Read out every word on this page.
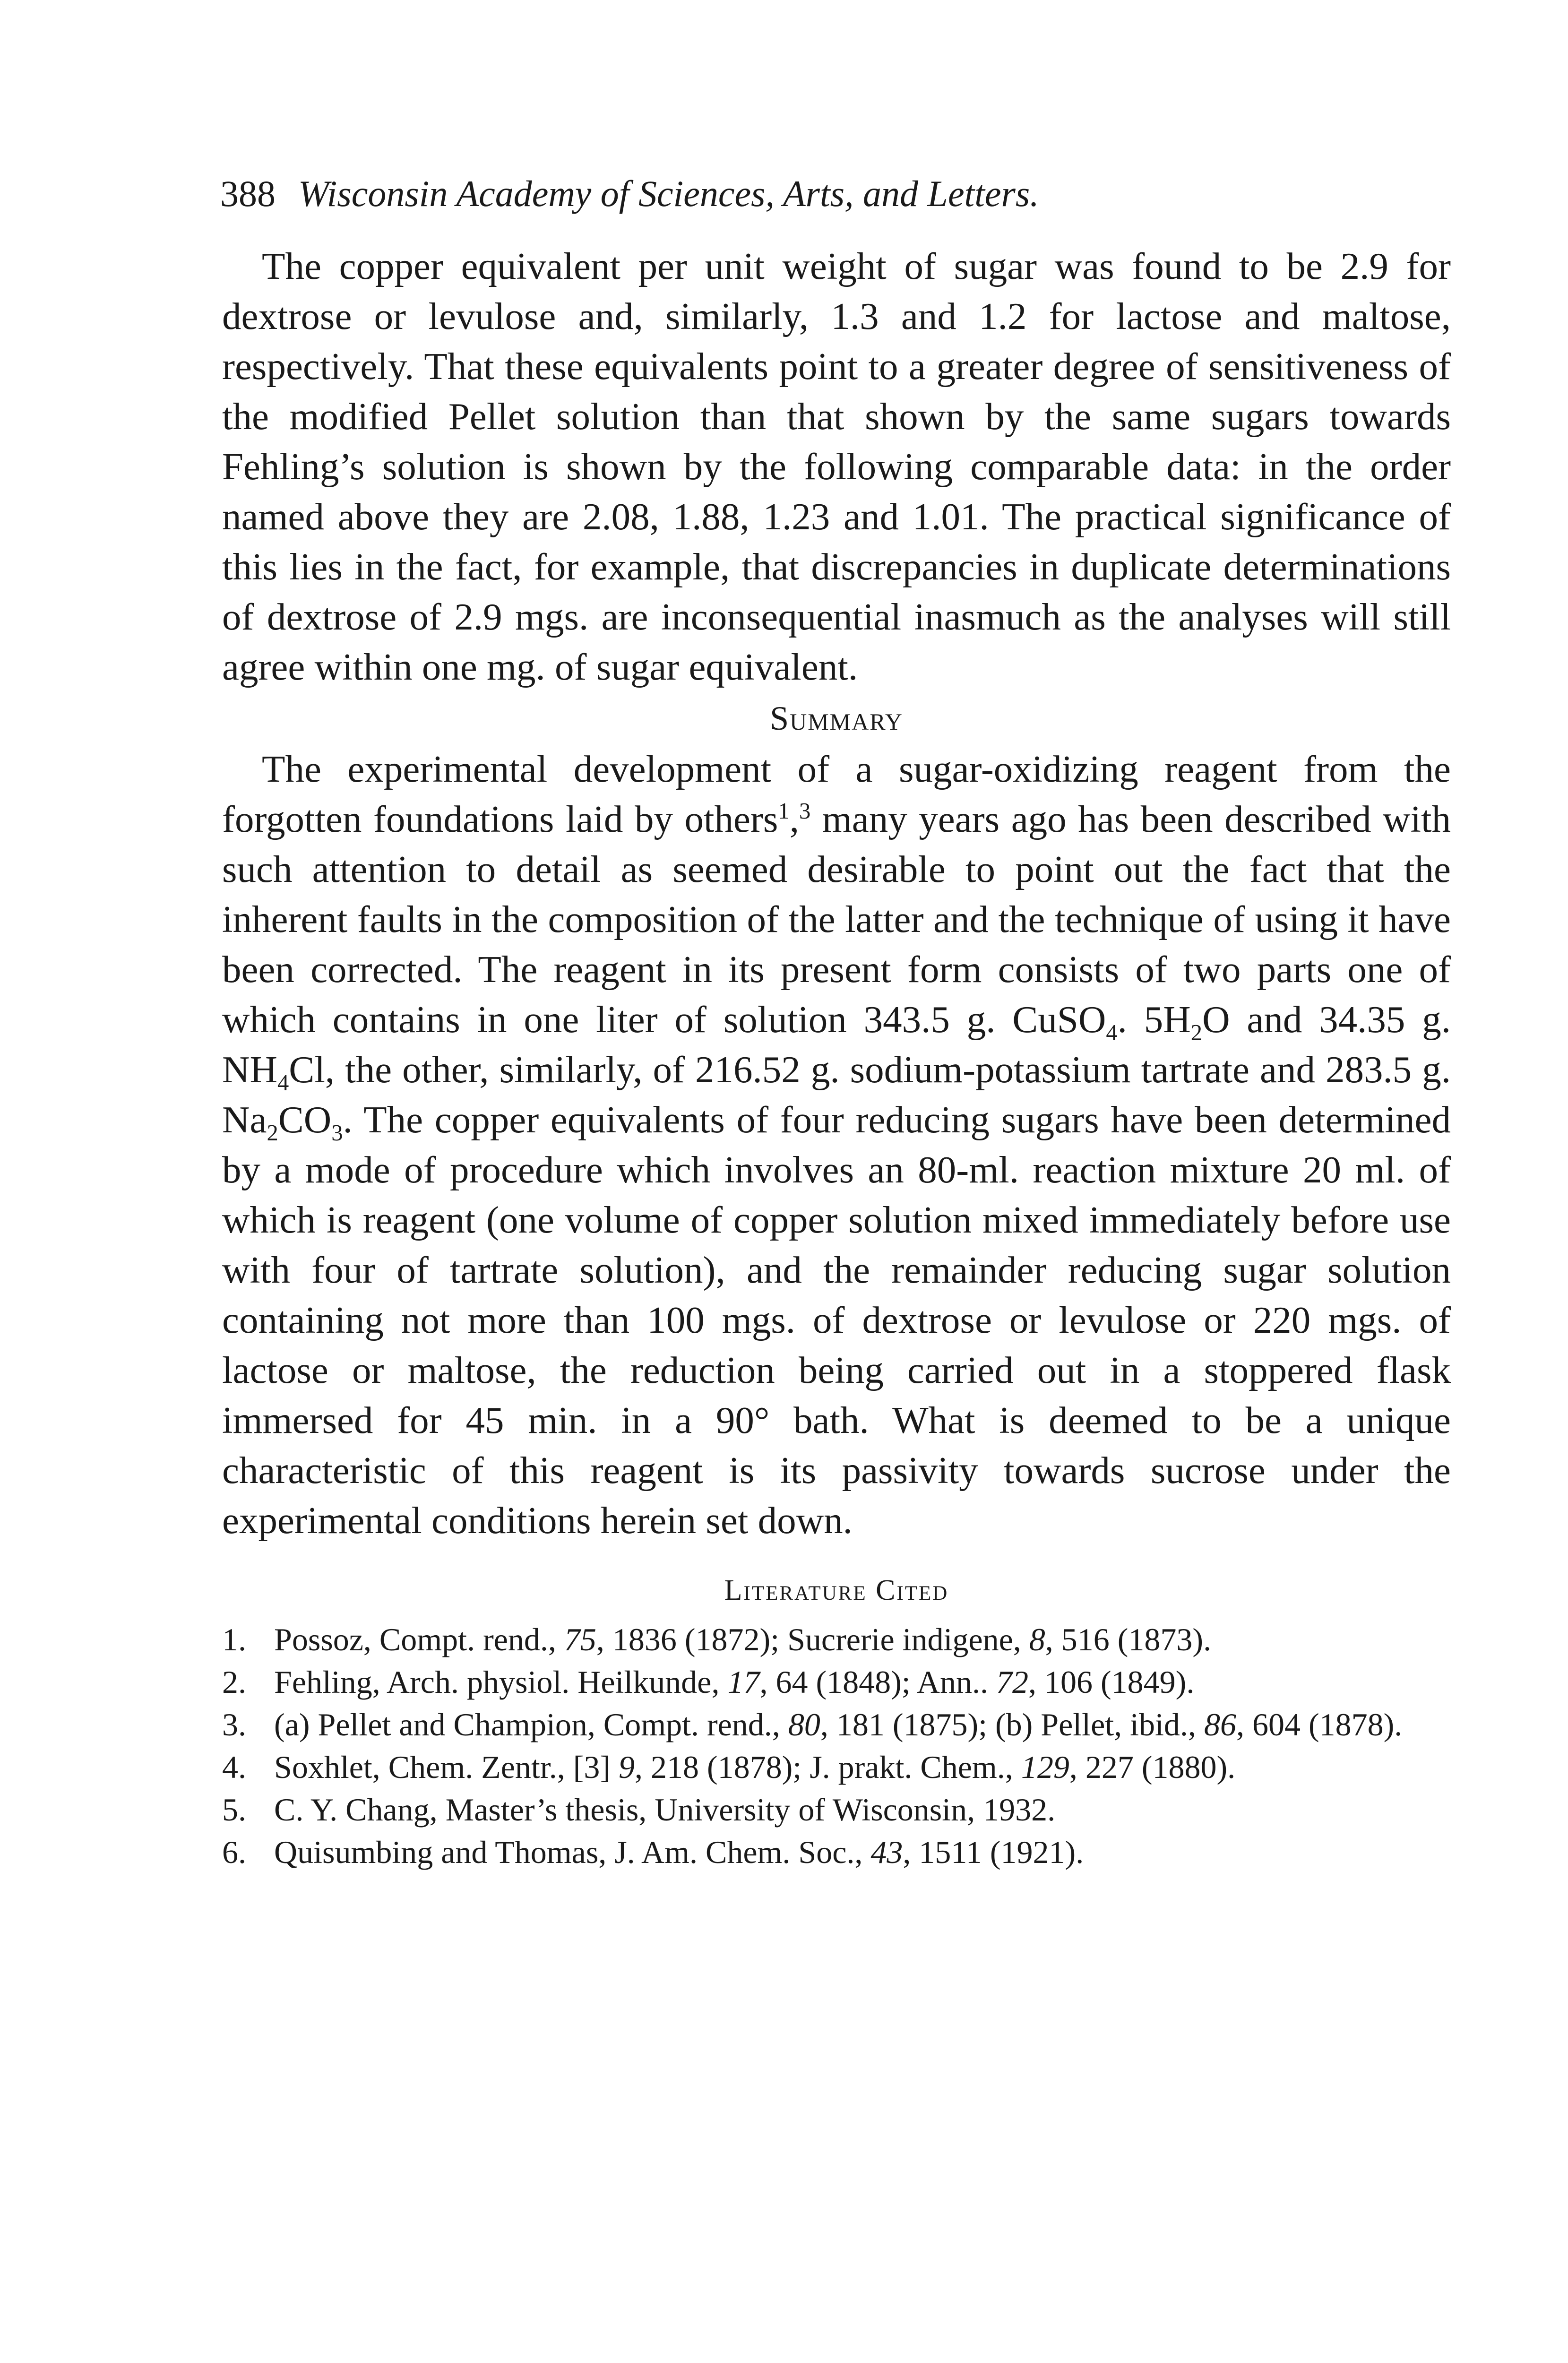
388 Wisconsin Academy of Sciences, Arts, and Letters.

The copper equivalent per unit weight of sugar was found to be 2.9 for dextrose or levulose and, similarly, 1.3 and 1.2 for lactose and maltose, respectively. That these equivalents point to a greater degree of sensitiveness of the modified Pellet solution than that shown by the same sugars towards Fehling’s solution is shown by the following comparable data: in the order named above they are 2.08, 1.88, 1.23 and 1.01. The practical significance of this lies in the fact, for example, that discrepancies in duplicate determinations of dextrose of 2.9 mgs. are inconsequential inasmuch as the analyses will still agree within one mg. of sugar equivalent.

Summary

The experimental development of a sugar-oxidizing reagent from the forgotten foundations laid by others$^1$,$^3$ many years ago has been described with such attention to detail as seemed desirable to point out the fact that the inherent faults in the composition of the latter and the technique of using it have been corrected. The reagent in its present form consists of two parts one of which contains in one liter of solution 343.5 g. CuSO$_4$. $5H_2O$ and 34.35 g. $NH_4Cl$, the other, similarly, of 216.52 g. sodium-potassium tartrate and 283.5 g. $Na_2CO_3$. The copper equivalents of four reducing sugars have been determined by a mode of procedure which involves an 80-ml. reaction mixture 20 ml. of which is reagent (one volume of copper solution mixed immediately before use with four of tartrate solution), and the remainder reducing sugar solution containing not more than 100 mgs. of dextrose or levulose or 220 mgs. of lactose or maltose, the reduction being carried out in a stoppered flask immersed for 45 min. in a 90° bath. What is deemed to be a unique characteristic of this reagent is its passivity towards sucrose under the experimental conditions herein set down.

Literature Cited
1. Possoz, Compt. rend., 75, 1836 (1872); Sucrerie indigene, 8, 516 (1873).
2. Fehling, Arch. physiol. Heilkunde, 17, 64 (1848); Ann.. 72, 106 (1849).
3. (a) Pellet and Champion, Compt. rend., 80, 181 (1875); (b) Pellet, ibid., 86, 604 (1878).
4. Soxhlet, Chem. Zentr., [3] 9, 218 (1878); J. prakt. Chem., 129, 227 (1880).
5. C. Y. Chang, Master’s thesis, University of Wisconsin, 1932.
6. Quisumbing and Thomas, J. Am. Chem. Soc., 43, 1511 (1921).
